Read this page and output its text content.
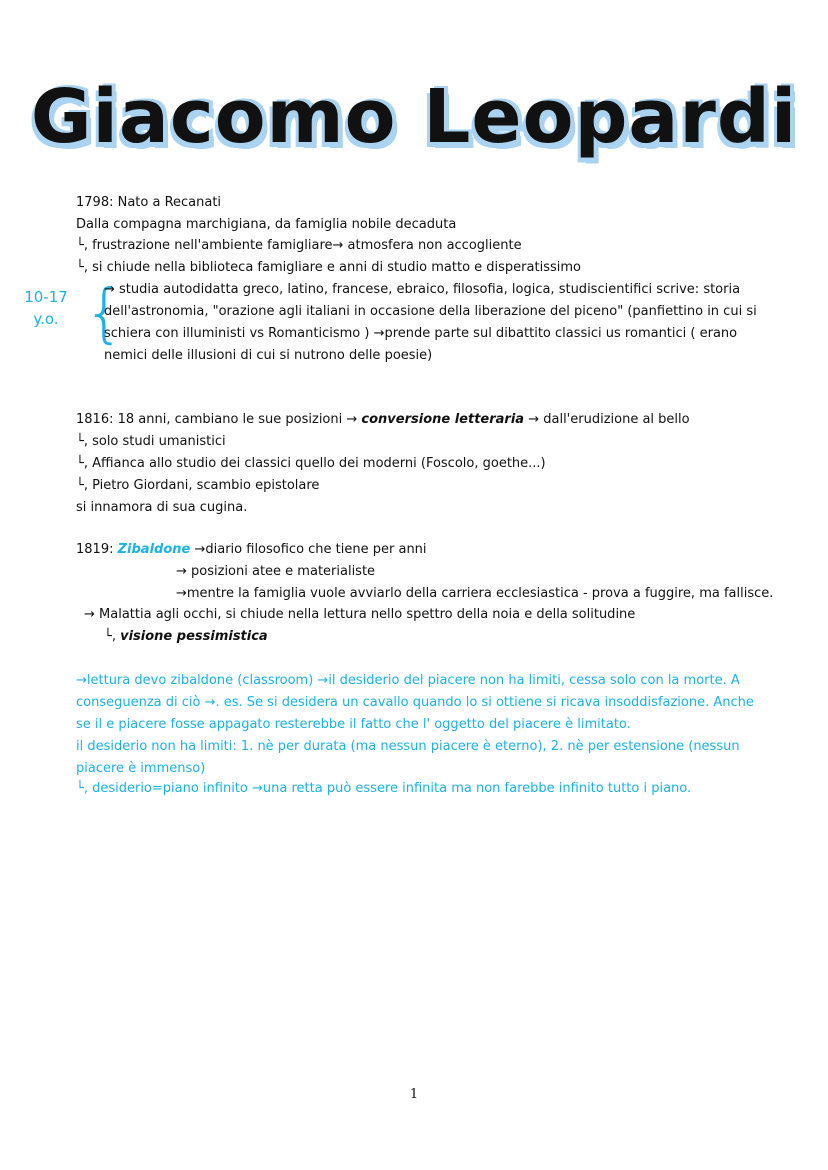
Giacomo Leopardi
1798: Nato a Recanati
Dalla compagna marchigiana, da famiglia nobile decaduta
└, frustrazione nell'ambiente famigliare→ atmosfera non accogliente
└, si chiude nella biblioteca famigliare e anni di studio matto e disperatissimo
10-17
y.o. {
→ studia autodidatta greco, latino, francese, ebraico, filosofia, logica, studiscientifici scrive: storia dell'astronomia, "orazione agli italiani in occasione della liberazione del piceno" (panfiettino in cui si schiera con illuministi vs Romanticismo ) →prende parte sul dibattito classici us romantici ( erano nemici delle illusioni di cui si nutrono delle poesie)
1816: 18 anni, cambiano le sue posizioni → conversione letteraria → dall'erudizione al bello
└, solo studi umanistici
└, Affianca allo studio dei classici quello dei moderni (Foscolo, goethe...)
└, Pietro Giordani, scambio epistolare
si innamora di sua cugina.
1819: Zibaldone →diario filosofico che tiene per anni
→ posizioni atee e materialiste
→mentre la famiglia vuole avviarlo della carriera ecclesiastica - prova a fuggire, ma fallisce.
→ Malattia agli occhi, si chiude nella lettura nello spettro della noia e della solitudine
└, visione pessimistica
→lettura devo zibaldone (classroom) →il desiderio del piacere non ha limiti, cessa solo con la morte. A conseguenza di ciò →. es. Se si desidera un cavallo quando lo si ottiene si ricava insoddisfazione. Anche se il e piacere fosse appagato resterebbe il fatto che l' oggetto del piacere è limitato.
il desiderio non ha limiti: 1. nè per durata (ma nessun piacere è eterno), 2. nè per estensione (nessun piacere è immenso)
└, desiderio=piano infinito →una retta può essere infinita ma non farebbe infinito tutto i piano.
1
